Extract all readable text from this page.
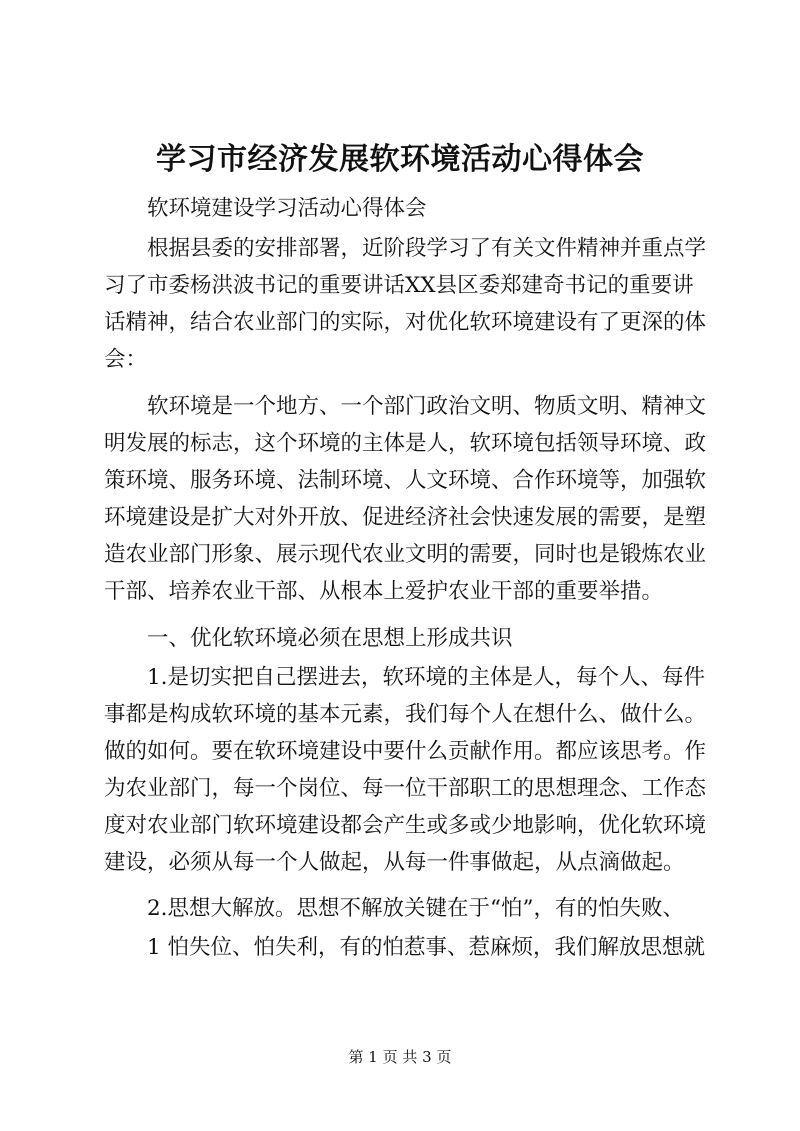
学习市经济发展软环境活动心得体会
软环境建设学习活动心得体会
根据县委的安排部署，近阶段学习了有关文件精神并重点学
习了市委杨洪波书记的重要讲话XX县区委郑建奇书记的重要讲
话精神，结合农业部门的实际，对优化软环境建设有了更深的体
会：
软环境是一个地方、一个部门政治文明、物质文明、精神文
明发展的标志，这个环境的主体是人，软环境包括领导环境、政
策环境、服务环境、法制环境、人文环境、合作环境等，加强软
环境建设是扩大对外开放、促进经济社会快速发展的需要，是塑
造农业部门形象、展示现代农业文明的需要，同时也是锻炼农业
干部、培养农业干部、从根本上爱护农业干部的重要举措。
一、优化软环境必须在思想上形成共识
1.是切实把自己摆进去，软环境的主体是人，每个人、每件
事都是构成软环境的基本元素，我们每个人在想什么、做什么。
做的如何。要在软环境建设中要什么贡献作用。都应该思考。作
为农业部门，每一个岗位、每一位干部职工的思想理念、工作态
度对农业部门软环境建设都会产生或多或少地影响，优化软环境
建设，必须从每一个人做起，从每一件事做起，从点滴做起。
2.思想大解放。思想不解放关键在于“怕”，有的怕失败、
1 怕失位、怕失利，有的怕惹事、惹麻烦，我们解放思想就
第 1 页 共 3 页
